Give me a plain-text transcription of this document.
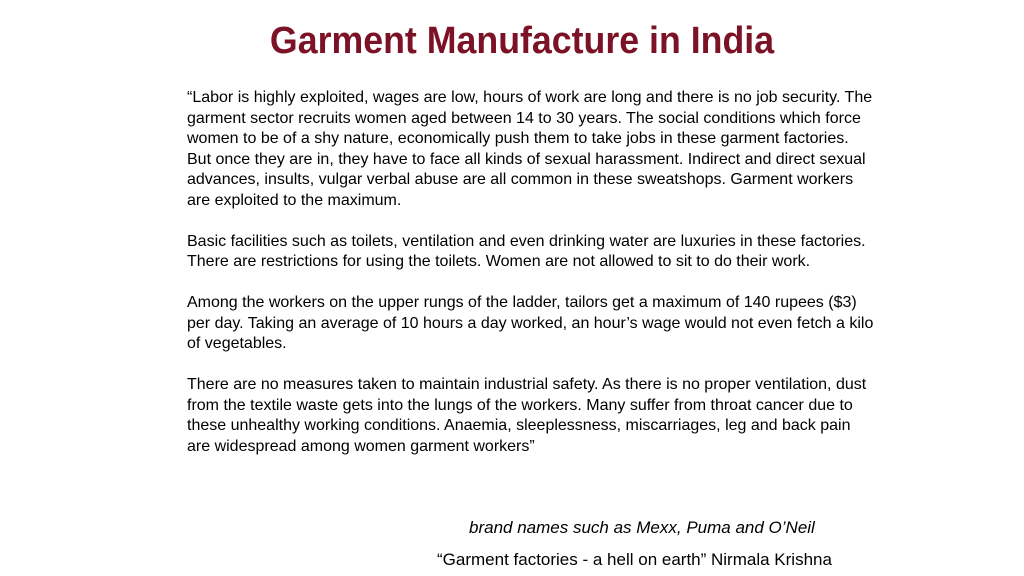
Garment Manufacture in India

“Labor is highly exploited, wages are low, hours of work are long and there is no job security. The garment sector recruits women aged between 14 to 30 years. The social conditions which force women to be of a shy nature, economically push them to take jobs in these garment factories. But once they are in, they have to face all kinds of sexual harassment. Indirect and direct sexual advances, insults, vulgar verbal abuse are all common in these sweatshops. Garment workers are exploited to the maximum.

Basic facilities such as toilets, ventilation and even drinking water are luxuries in these factories. There are restrictions for using the toilets. Women are not allowed to sit to do their work.

Among the workers on the upper rungs of the ladder, tailors get a maximum of 140 rupees ($3) per day. Taking an average of 10 hours a day worked, an hour’s wage would not even fetch a kilo of vegetables.

There are no measures taken to maintain industrial safety. As there is no proper ventilation, dust from the textile waste gets into the lungs of the workers. Many suffer from throat cancer due to these unhealthy working conditions. Anaemia, sleeplessness, miscarriages, leg and back pain are widespread among women garment workers”

brand names such as Mexx, Puma and O’Neil
“Garment factories - a hell on earth” Nirmala Krishna
